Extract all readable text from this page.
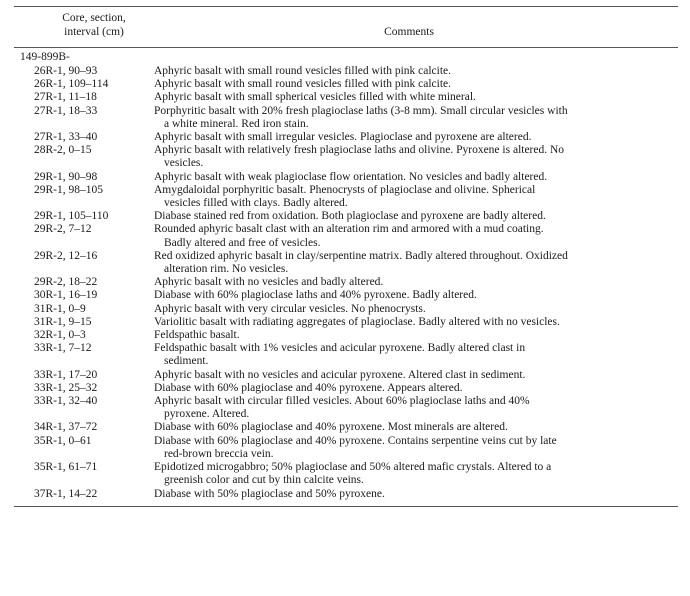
Core, section,
interval (cm)	Comments
149-899B-
26R-1, 90–93	Aphyric basalt with small round vesicles filled with pink calcite.
26R-1, 109–114	Aphyric basalt with small round vesicles filled with pink calcite.
27R-1, 11–18	Aphyric basalt with small spherical vesicles filled with white mineral.
27R-1, 18–33	Porphyritic basalt with 20% fresh plagioclase laths (3-8 mm). Small circular vesicles with
a white mineral. Red iron stain.
27R-1, 33–40	Aphyric basalt with small irregular vesicles. Plagioclase and pyroxene are altered.
28R-2, 0–15	Aphyric basalt with relatively fresh plagioclase laths and olivine. Pyroxene is altered. No
vesicles.
29R-1, 90–98	Aphyric basalt with weak plagioclase flow orientation. No vesicles and badly altered.
29R-1, 98–105	Amygdaloidal porphyritic basalt. Phenocrysts of plagioclase and olivine. Spherical
vesicles filled with clays. Badly altered.
29R-1, 105–110	Diabase stained red from oxidation. Both plagioclase and pyroxene are badly altered.
29R-2, 7–12	Rounded aphyric basalt clast with an alteration rim and armored with a mud coating.
Badly altered and free of vesicles.
29R-2, 12–16	Red oxidized aphyric basalt in clay/serpentine matrix. Badly altered throughout. Oxidized
alteration rim. No vesicles.
29R-2, 18–22	Aphyric basalt with no vesicles and badly altered.
30R-1, 16–19	Diabase with 60% plagioclase laths and 40% pyroxene. Badly altered.
31R-1, 0–9	Aphyric basalt with very circular vesicles. No phenocrysts.
31R-1, 9–15	Variolitic basalt with radiating aggregates of plagioclase. Badly altered with no vesicles.
32R-1, 0–3	Feldspathic basalt.
33R-1, 7–12	Feldspathic basalt with 1% vesicles and acicular pyroxene. Badly altered clast in
sediment.
33R-1, 17–20	Aphyric basalt with no vesicles and acicular pyroxene. Altered clast in sediment.
33R-1, 25–32	Diabase with 60% plagioclase and 40% pyroxene. Appears altered.
33R-1, 32–40	Aphyric basalt with circular filled vesicles. About 60% plagioclase laths and 40%
pyroxene. Altered.
34R-1, 37–72	Diabase with 60% plagioclase and 40% pyroxene. Most minerals are altered.
35R-1, 0–61	Diabase with 60% plagioclase and 40% pyroxene. Contains serpentine veins cut by late
red-brown breccia vein.
35R-1, 61–71	Epidotized microgabbro; 50% plagioclase and 50% altered mafic crystals. Altered to a
greenish color and cut by thin calcite veins.
37R-1, 14–22	Diabase with 50% plagioclase and 50% pyroxene.
